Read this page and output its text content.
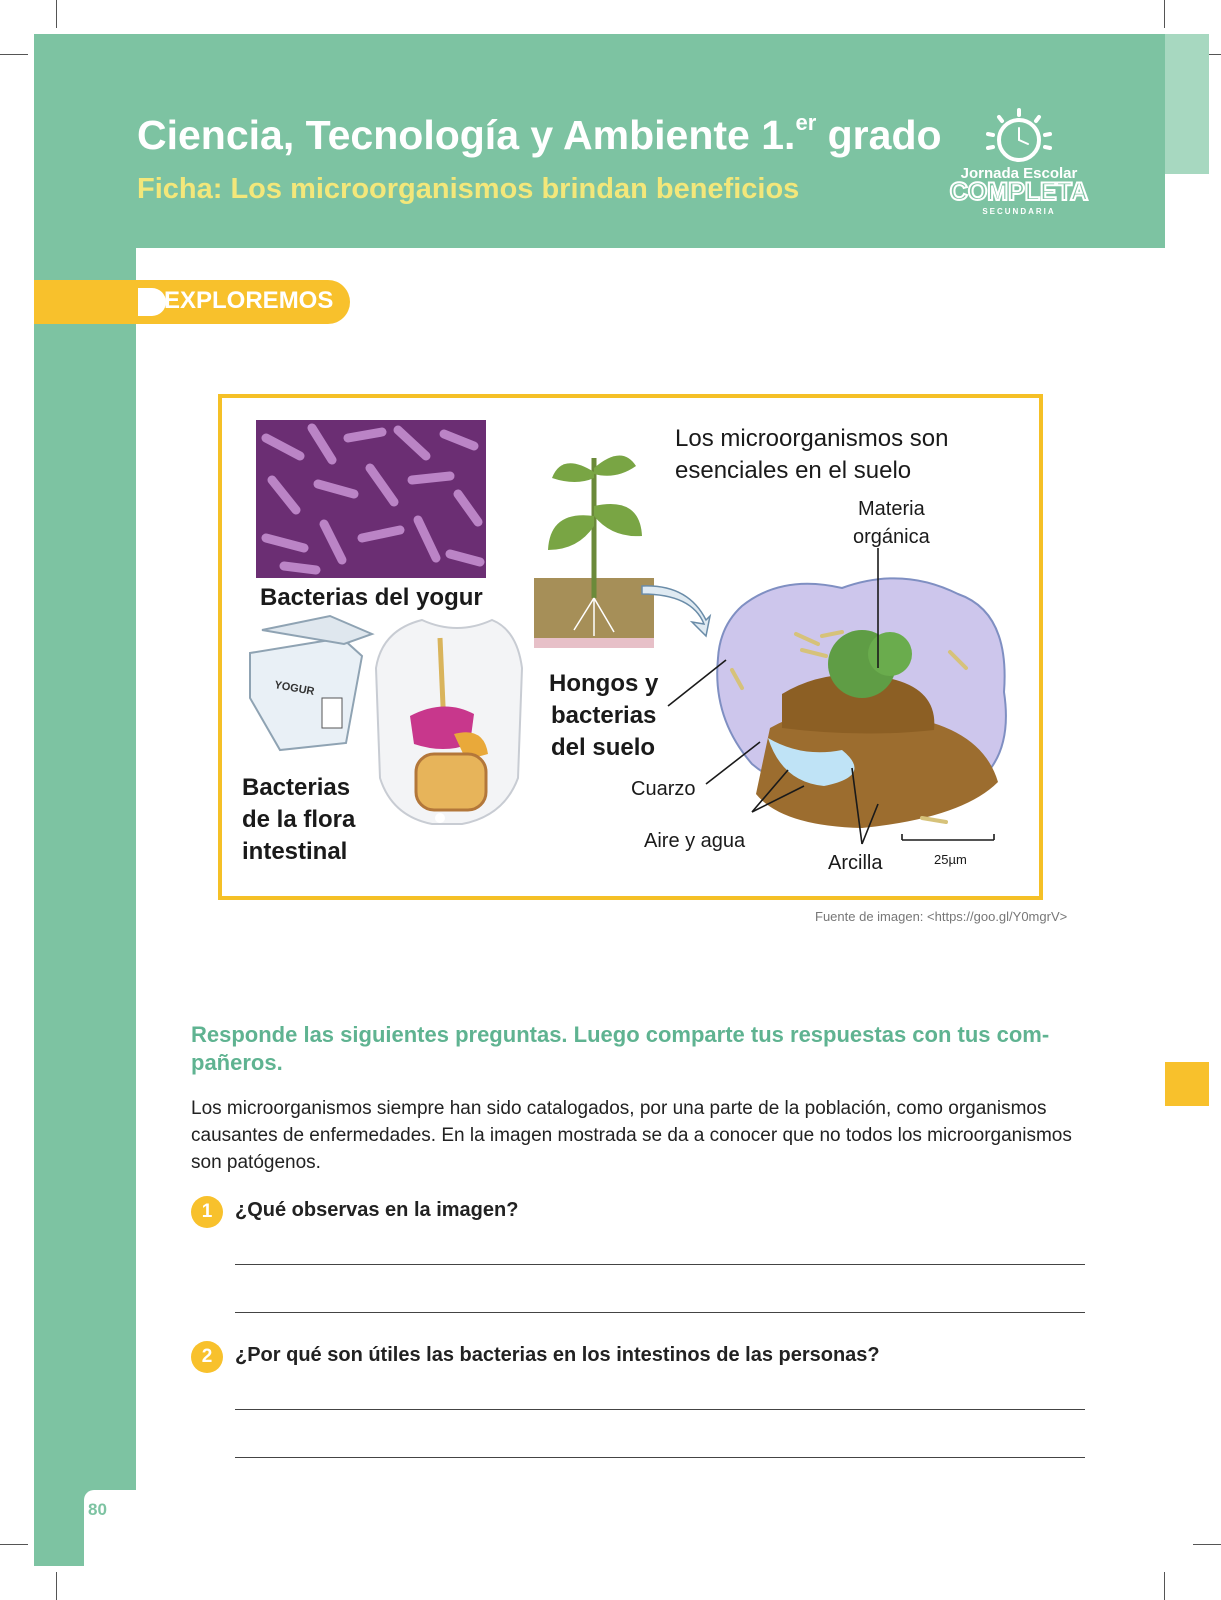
Ciencia, Tecnología y Ambiente 1.$^{er}$ grado
Ficha: Los microorganismos brindan beneficios	Jornada Escolar
COMPLETA
SECUNDARIA
EXPLOREMOS
YOGUR
Los microorganismos son
esenciales en el suelo
Materia
orgánica
Bacterias del yogur
Hongos y
bacterias
del suelo
Bacterias
de la flora
intestinal
Cuarzo
Aire y agua
Arcilla	25µm
Fuente de imagen: <https://goo.gl/Y0mgrV>
Responde las siguientes preguntas. Luego comparte tus respuestas con tus compañeros.
Los microorganismos siempre han sido catalogados, por una parte de la población, como organismos causantes de enfermedades. En la imagen mostrada se da a conocer que no todos los microorganismos son patógenos.
1	¿Qué observas en la imagen?
2	¿Por qué son útiles las bacterias en los intestinos de las personas?
80
